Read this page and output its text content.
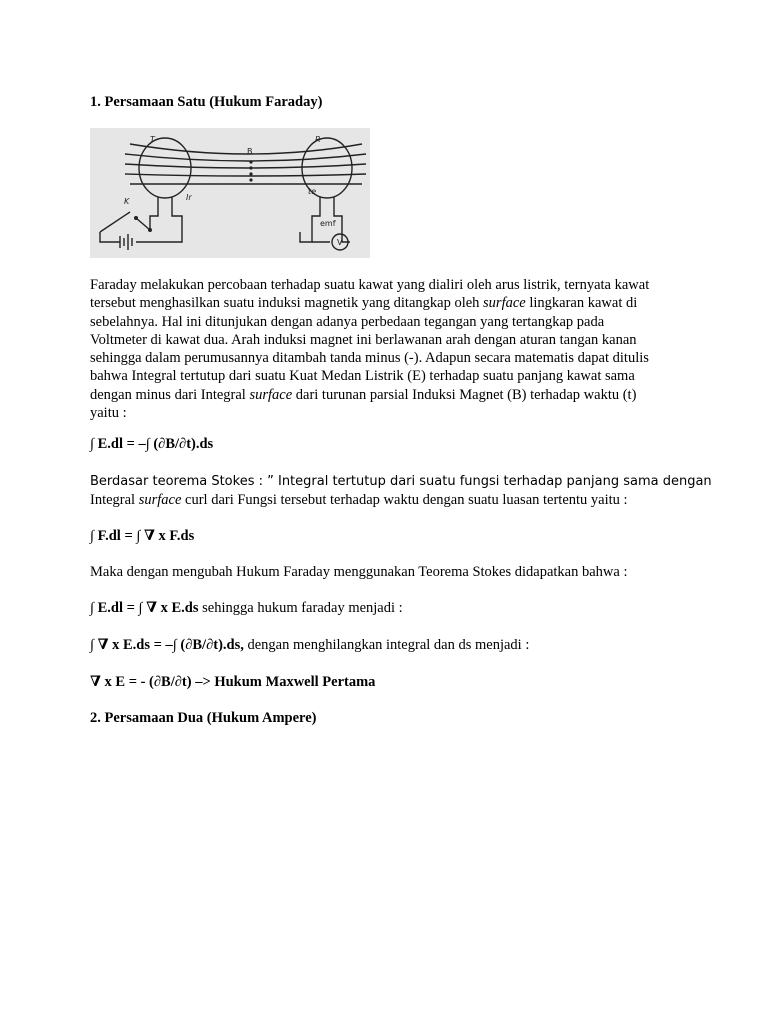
1. Persamaan Satu (Hukum Faraday)
T
B
R
K	Ir
te
emf
V
Faraday melakukan percobaan terhadap suatu kawat yang dialiri oleh arus listrik, ternyata kawat
tersebut menghasilkan suatu induksi magnetik yang ditangkap oleh surface lingkaran kawat di
sebelahnya. Hal ini ditunjukan dengan adanya perbedaan tegangan yang tertangkap pada
Voltmeter di kawat dua. Arah induksi magnet ini berlawanan arah dengan aturan tangan kanan
sehingga dalam perumusannya ditambah tanda minus (-). Adapun secara matematis dapat ditulis
bahwa Integral tertutup dari suatu Kuat Medan Listrik (E) terhadap suatu panjang kawat sama
dengan minus dari Integral surface dari turunan parsial Induksi Magnet (B) terhadap waktu (t)
yaitu :
∫ E.dl = –∫ (∂B/∂t).ds
Berdasar teorema Stokes : ” Integral tertutup dari suatu fungsi terhadap panjang sama dengan
Integral surface curl dari Fungsi tersebut terhadap waktu dengan suatu luasan tertentu yaitu :
∫ F.dl = ∫ ∇ x F.ds
Maka dengan mengubah Hukum Faraday menggunakan Teorema Stokes didapatkan bahwa :
∫ E.dl = ∫ ∇ x E.ds sehingga hukum faraday menjadi :
∫ ∇ x E.ds = –∫ (∂B/∂t).ds, dengan menghilangkan integral dan ds menjadi :
∇ x E = - (∂B/∂t) –> Hukum Maxwell Pertama
2. Persamaan Dua (Hukum Ampere)
